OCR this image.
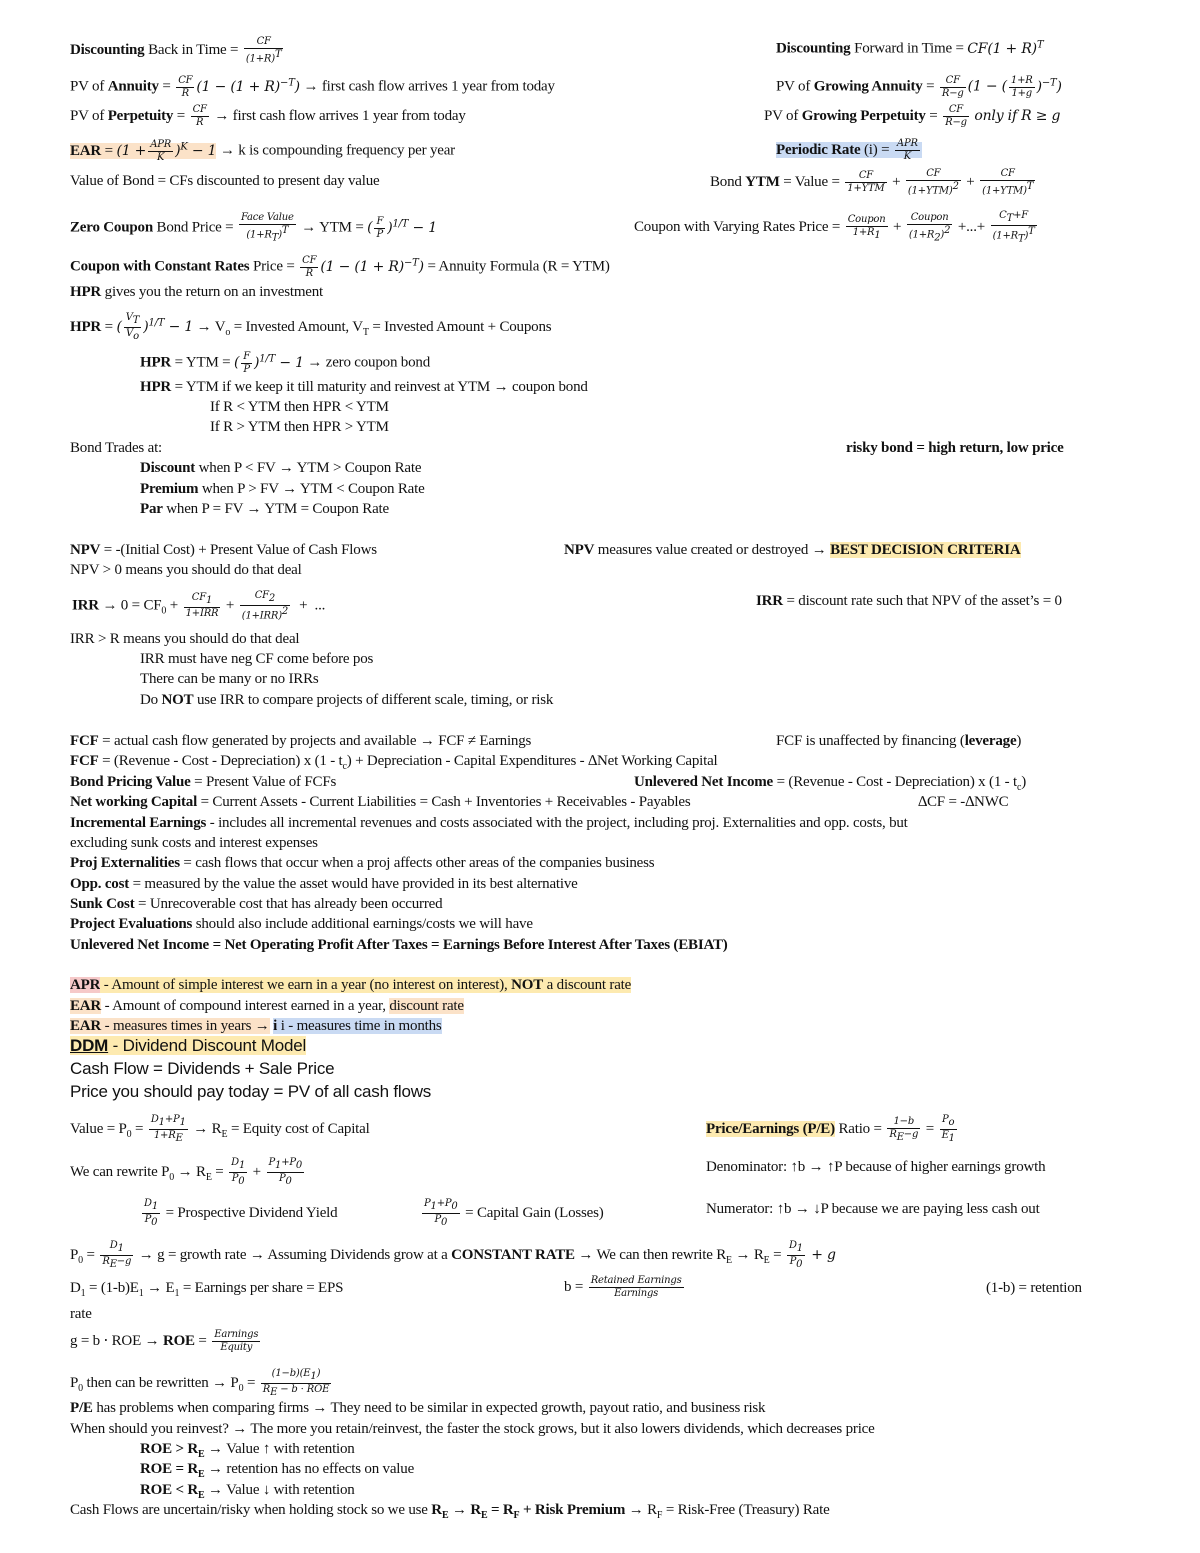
Discounting Back in Time = $\frac{CF}{(1+R)^T}$	Discounting Forward in Time = $CF(1 + R)^T$
PV of Annuity = $\frac{CF}{R} (1 - (1 + R)^{-T})$ → first cash flow arrives 1 year from today	PV of Growing Annuity = $\frac{CF}{R-g} (1$ − ( $\frac{1+R}{1+g} )^{-T}$)
PV of Perpetuity = $\frac{CF}{R}$ → first cash flow arrives 1 year from today	PV of Growing Perpetuity = $\frac{CF}{R-g}$ only if R ≥ g
EAR = $(1 + \frac{\text{APR}}{K} )^K - 1 \to k$ is compounding frequency per year	Periodic Rate $(i) = \frac{\text{APR}}{K}$
Value of Bond = CFs discounted to present day value	Bond YTM = Value = $\frac{CF}{\text{1+YTM}} + \frac{CF}{(1+YTM)^2} + \frac{CF}{(1+YTM)^T}$
Zero Coupon Bond Price = $\frac{\text{Face Value}}{(1+R_T)^T}$ → YTM = ( $\frac{F}{P} )^{1/T} - 1$	Coupon with Varying Rates Price = $\frac{\text{Coupon}}{1+R_1} + \frac{\text{Coupon}}{(1+R_2)^2}$ +...+ $\frac{C_T+F}{(1+R_T)^T}$
Coupon with Constant Rates Price = $\frac{CF}{R} (1 - (1 + R)^{-T})$ = Annuity Formula (R = YTM)
HPR gives you the return on an investment
HPR = ( $\frac{V_T}{V_o} )^{1/T} - 1 \to V_o$ = Invested Amount, $V_T$ = Invested Amount + Coupons
HPR = YTM = ( $\frac{F}{P} )^{1/T} - 1$ → zero coupon bond
HPR = YTM if we keep it till maturity and reinvest at YTM → coupon bond
If R < YTM then HPR < YTM
If R > YTM then HPR > YTM
Bond Trades at:	risky bond = high return, low price
Discount when P < FV → YTM > Coupon Rate
Premium when P > FV → YTM < Coupon Rate
Par when P = FV → YTM = Coupon Rate
NPV = -(Initial Cost) + Present Value of Cash Flows	NPV measures value created or destroyed → BEST DECISION CRITERIA
NPV > 0 means you should do that deal
IRR → $0 = CF_0 + \frac{CF_1}{\text{1+IRR}} + \frac{CF_2}{(1+IRR)^2}$ +  ...	IRR = discount rate such that NPV of the asset’s = 0
IRR > R means you should do that deal
IRR must have neg CF come before pos
There can be many or no IRRs
Do NOT use IRR to compare projects of different scale, timing, or risk
FCF = actual cash flow generated by projects and available → FCF ≠ Earnings	FCF is unaffected by financing (leverage)
FCF = (Revenue - Cost - Depreciation) x $(1 - t_c)$ + Depreciation - Capital Expenditures - ∆Net Working Capital
Bond Pricing Value = Present Value of FCFs	Unlevered Net Income = (Revenue - Cost - Depreciation) x $(1 - t_c)$
Net working Capital = Current Assets - Current Liabilities = Cash + Inventories + Receivables - Payables	∆CF = -∆NWC
Incremental Earnings - includes all incremental revenues and costs associated with the project, including proj. Externalities and opp. costs, but
excluding sunk costs and interest expenses
Proj Externalities = cash flows that occur when a proj affects other areas of the companies business
Opp. cost = measured by the value the asset would have provided in its best alternative
Sunk Cost = Unrecoverable cost that has already been occurred
Project Evaluations should also include additional earnings/costs we will have
Unlevered Net Income = Net Operating Profit After Taxes = Earnings Before Interest After Taxes (EBIAT)
APR - Amount of simple interest we earn in a year (no interest on interest), NOT a discount rate
EAR - Amount of compound interest earned in a year, discount rate
EAR - measures times in years → i i - measures time in months
DDM - Dividend Discount Model
Cash Flow = Dividends + Sale Price
Price you should pay today = PV of all cash flows
Value = $P_0 = \frac{D_1+P_1}{1+R_E} \to R_E$ = Equity cost of Capital	Price/Earnings (P/E) Ratio = $\frac{1-b}{R_E-g} = \frac{P_o}{E_1}$
We can rewrite $P_0 \to R_E = \frac{D_1}{P_0} + \frac{P_1+P_0}{P_0}$	Denominator: ↑b → ↑P because of higher earnings growth
$\frac{D_1}{P_0}$ = Prospective Dividend Yield	$\frac{P_1+P_0}{P_0}$ = Capital Gain (Losses)	Numerator: ↑b → ↓P because we are paying less cash out
$P_0 = \frac{D_1}{R_E-g} \to g$ = growth rate → Assuming Dividends grow at a CONSTANT RATE → We can then rewrite $R_E \to R_E = \frac{D_1}{P_0} + g$
$D_1 = (1-b)E_1 \to E_1$ = Earnings per share = EPS	$b = \frac{\text{Retained Earnings}}{\text{Earnings}}$	(1-b) = retention
rate
g = b ⋅ ROE → ROE = $\frac{\text{Earnings}}{\text{Equity}}$
$P_0$ then can be rewritten → $P_0 = \frac{(1-b)(E_1)}{R_E - b \cdot ROE}$
P/E has problems when comparing firms → They need to be similar in expected growth, payout ratio, and business risk
When should you reinvest? → The more you retain/reinvest, the faster the stock grows, but it also lowers dividends, which decreases price
ROE > $R_E$ → Value ↑ with retention
ROE = $R_E$ → retention has no effects on value
ROE < $R_E$ → Value ↓ with retention
Cash Flows are uncertain/risky when holding stock so we use $R_E \to R_E = R_F$ + Risk Premium → $R_F$ = Risk-Free (Treasury) Rate
